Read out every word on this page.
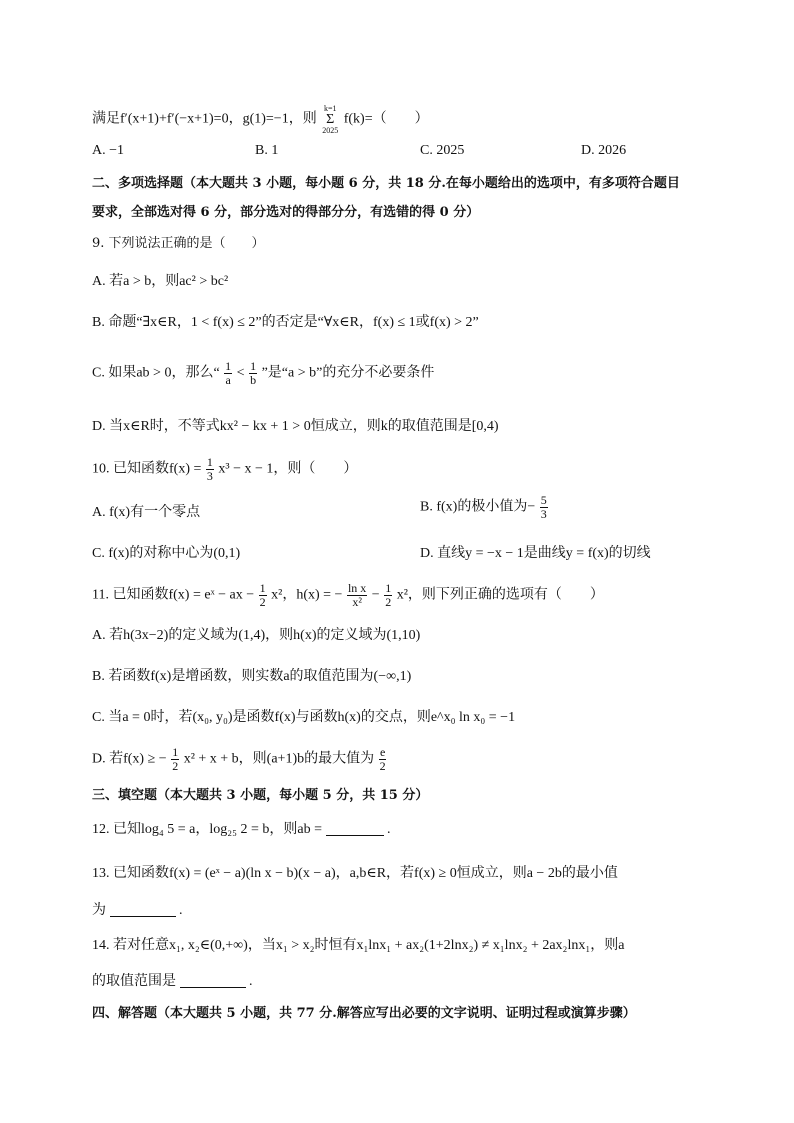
满足f′(x+1)+f′(−x+1)=0，g(1)=−1，则
k=1
Σ
2025
f(k)=（　　）
A. −1	B. 1	C. 2025	D. 2026
二、多项选择题（本大题共 3 小题，每小题 6 分，共 18 分.在每小题给出的选项中，有多项符合题目
要求，全部选对得 6 分，部分选对的得部分分，有选错的得 0 分）
9. 下列说法正确的是（　　）
A. 若a > b，则ac² > bc²
B. 命题“∃x∈R，1 < f(x) ≤ 2”的否定是“∀x∈R，f(x) ≤ 1或f(x) > 2”
C. 如果ab > 0，那么“ $\frac{1}{a} < \frac{1}{b}$ ”是“a > b”的充分不必要条件
D. 当x∈R时，不等式kx² − kx + 1 > 0恒成立，则k的取值范围是[0,4)
10. 已知函数$f(x) = \frac{1}{3} x^3 - x - 1$，则（　　）
A. f(x)有一个零点	B. f(x)的极小值为− $\frac{5}{3}$
C. f(x)的对称中心为(0,1)	D. 直线y = −x − 1是曲线y = f(x)的切线
11. 已知函数f(x) = eˣ − ax − $\frac{1}{2} x^2$，h(x) = − $\frac{\text{ln x}}{\text{x²}} - \frac{1}{2} x^2$，则下列正确的选项有（　　）
A. 若h(3x−2)的定义域为(1,4)，则h(x)的定义域为(1,10)
B. 若函数f(x)是增函数，则实数a的取值范围为(−∞,1)
C. 当a = 0时，若(x₀, y₀)是函数f(x)与函数h(x)的交点，则e^x₀ ln x₀ = −1
D. 若f(x) ≥ − $\frac{1}{2} x^2 + x + b$，则(a+1)b的最大值为 $\frac{e}{2}$
三、填空题（本大题共 3 小题，每小题 5 分，共 15 分）
12. 已知log₄ 5 = a，log₂₅ 2 = b，则ab =	.
13. 已知函数f(x) = (eˣ − a)(ln x − b)(x − a)，a,b∈R，若f(x) ≥ 0恒成立，则a − 2b的最小值
为	.
14. 若对任意x₁, x₂∈(0,+∞)，当x₁ > x₂时恒有x₁lnx₁ + ax₂(1+2lnx₂) ≠ x₁lnx₂ + 2ax₂lnx₁，则a
的取值范围是	.
四、解答题（本大题共 5 小题，共 77 分.解答应写出必要的文字说明、证明过程或演算步骤）
